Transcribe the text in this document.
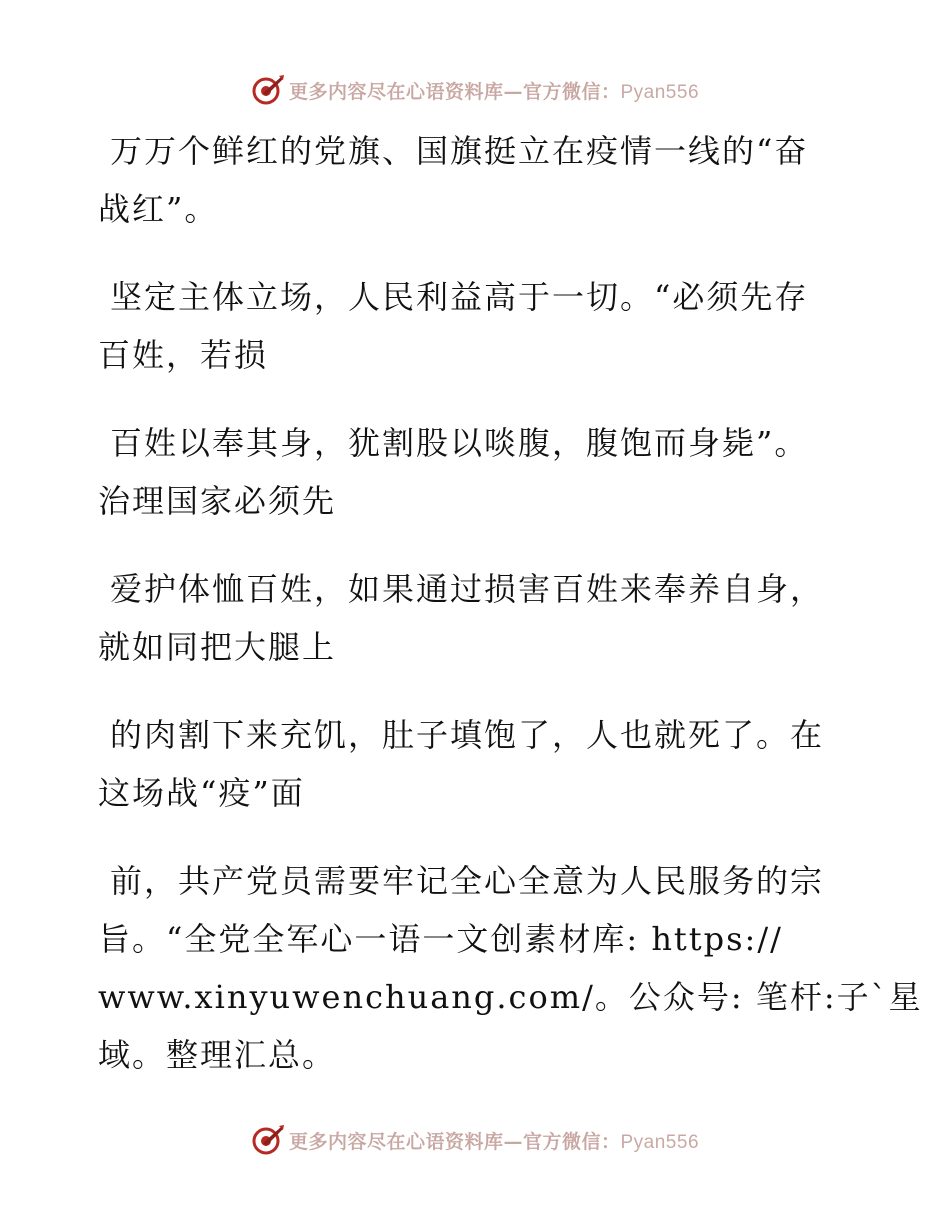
更多内容尽在心语资料库—官方微信：Pyan556

万万个鲜红的党旗、国旗挺立在疫情一线的“奋
战红”。

坚定主体立场，人民利益高于一切。“必须先存
百姓，若损

百姓以奉其身，犹割股以啖腹，腹饱而身毙”。
治理国家必须先

爱护体恤百姓，如果通过损害百姓来奉养自身，
就如同把大腿上

的肉割下来充饥，肚子填饱了，人也就死了。在
这场战“疫”面

前，共产党员需要牢记全心全意为人民服务的宗
旨。“全党全军心一语一文创素材库: https://
www.xinyuwenchuang.com/。公众号: 笔杆:子`星
域。整理汇总。

更多内容尽在心语资料库—官方微信：Pyan556
